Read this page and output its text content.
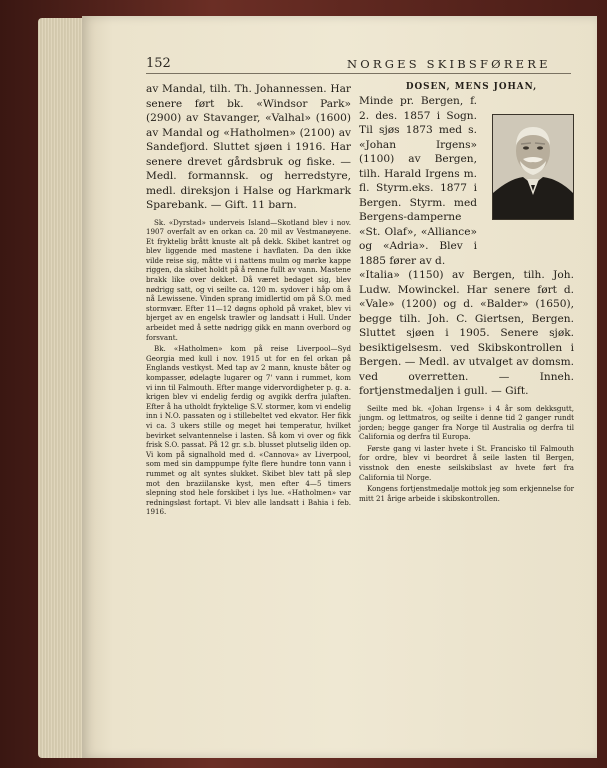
152	NORGES SKIBSFØRERE

av Mandal, tilh. Th. Johannessen. Har senere ført bk. «Windsor Park» (2900) av Stavanger, «Valhal» (1600) av Mandal og «Hatholmen» (2100) av Sandefjord. Sluttet sjøen i 1916. Har senere drevet gårdsbruk og fiske. — Medl. formannsk. og herredstyre, medl. direksjon i Halse og Harkmark Sparebank. — Gift. 11 barn.

Sk. «Dyrstad» underveis Island—Skotland blev i nov. 1907 overfalt av en orkan ca. 20 mil av Vestmanøyene. Et fryktelig brått knuste alt på dekk. Skibet kantret og blev liggende med mastene i havflaten. Da den ikke vilde reise sig, måtte vi i nattens mulm og mørke kappe riggen, da skibet holdt på å renne fullt av vann. Mastene brakk like over dekket. Då været bedaget sig, blev nødrigg satt, og vi seilte ca. 120 m. sydover i håp om å nå Lewissene. Vinden sprang imidlertid om på S.O. med stormvær. Efter 11—12 døgns ophold på vraket, blev vi bjerget av en engelsk trawler og landsatt i Hull. Under arbeidet med å sette nødrigg gikk en mann overbord og forsvant.

Bk. «Hatholmen» kom på reise Liverpool—Syd Georgia med kull i nov. 1915 ut for en fel orkan på Englands vestkyst. Med tap av 2 mann, knuste båter og kompasser, ødelagte lugarer og 7' vann i rummet, kom vi inn til Falmouth. Efter mange vidervordigheter p. g. a. krigen blev vi endelig ferdig og avgikk derfra julaften. Efter å ha utholdt fryktelige S.V. stormer, kom vi endelig inn i N.O. passaten og i stillebeltet ved ekvator. Her fikk vi ca. 3 ukers stille og meget høi temperatur, hvilket bevirket selvantennelse i lasten. Så kom vi over og fikk frisk S.O. passat. På 12 gr. s.b. blusset plutselig ilden op. Vi kom på signalhold med d. «Cannova» av Liverpool, som med sin damppumpe fylte flere hundre tonn vann i rummet og alt syntes slukket. Skibet blev tatt på slep mot den braziilanske kyst, men efter 4—5 timers slepning stod hele forskibet i lys lue. «Hatholmen» var redningsløst fortapt. Vi blev alle landsatt i Bahia i feb. 1916.

DOSEN, MENS JOHAN,

Minde pr. Bergen, f. 2. des. 1857 i Sogn. Til sjøs 1873 med s. «Johan Irgens» (1100) av Bergen, tilh. Harald Irgens m. fl. Styrm.eks. 1877 i Bergen. Styrm. med Bergens-damperne «St. Olaf», «Alliance» og «Adria». Blev i 1885 fører av d.

«Italia» (1150) av Bergen, tilh. Joh. Ludw. Mowinckel. Har senere ført d. «Vale» (1200) og d. «Balder» (1650), begge tilh. Joh. C. Giertsen, Bergen. Sluttet sjøen i 1905. Senere sjøk. besiktigelsesm. ved Skibskontrollen i Bergen. — Medl. av utvalget av domsm. ved overretten. — Inneh. fortjenstmedaljen i gull. — Gift.

Seilte med bk. «Johan Irgens» i 4 år som dekksgutt, jungm. og lettmatros, og seilte i denne tid 2 ganger rundt jorden; begge ganger fra Norge til Australia og derfra til California og derfra til Europa.

Første gang vi laster hvete i St. Francisko til Falmouth for ordre, blev vi beordret å seile lasten til Bergen, visstnok den eneste seilskibslast av hvete ført fra California til Norge.

Kongens fortjenstmedalje mottok jeg som erkjennelse for mitt 21 årige arbeide i skibskontrollen.
